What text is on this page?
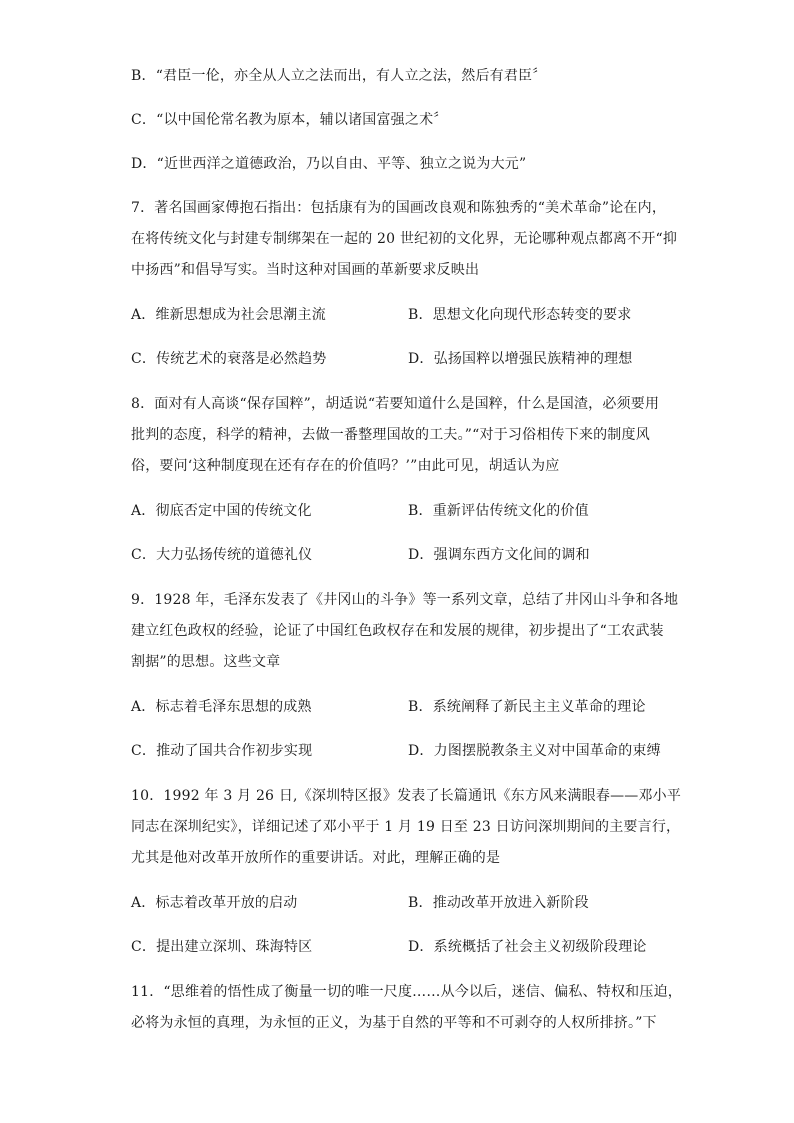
B．“君臣一伦，亦全从人立之法而出，有人立之法，然后有君臣〞
C．“以中国伦常名教为原本，辅以诸国富强之术〞
D．“近世西洋之道德政治，乃以自由、平等、独立之说为大元”
7．著名国画家傅抱石指出：包括康有为的国画改良观和陈独秀的“美术革命”论在内，
在将传统文化与封建专制绑架在一起的 20 世纪初的文化界，无论哪种观点都离不开“抑
中扬西”和倡导写实。当时这种对国画的革新要求反映出
A．维新思想成为社会思潮主流	B．思想文化向现代形态转变的要求
C．传统艺术的衰落是必然趋势	D．弘扬国粹以增强民族精神的理想
8．面对有人高谈“保存国粹”，胡适说“若要知道什么是国粹，什么是国渣，必须要用
批判的态度，科学的精神，去做一番整理国故的工夫。”“对于习俗相传下来的制度风
俗，要问‘这种制度现在还有存在的价值吗？’”由此可见，胡适认为应
A．彻底否定中国的传统文化	B．重新评估传统文化的价值
C．大力弘扬传统的道德礼仪	D．强调东西方文化间的调和
9．1928 年，毛泽东发表了《井冈山的斗争》等一系列文章，总结了井冈山斗争和各地
建立红色政权的经验，论证了中国红色政权存在和发展的规律，初步提出了“工农武装
割据”的思想。这些文章
A．标志着毛泽东思想的成熟	B．系统阐释了新民主主义革命的理论
C．推动了国共合作初步实现	D．力图摆脱教条主义对中国革命的束缚
10．1992 年 3 月 26 日,《深圳特区报》发表了长篇通讯《东方风来满眼春——邓小平
同志在深圳纪实》，详细记述了邓小平于 1 月 19 日至 23 日访问深圳期间的主要言行，
尤其是他对改革开放所作的重要讲话。对此，理解正确的是
A．标志着改革开放的启动	B．推动改革开放进入新阶段
C．提出建立深圳、珠海特区	D．系统概括了社会主义初级阶段理论
11．“思维着的悟性成了衡量一切的唯一尺度……从今以后，迷信、偏私、特权和压迫，
必将为永恒的真理，为永恒的正义，为基于自然的平等和不可剥夺的人权所排挤。”下
